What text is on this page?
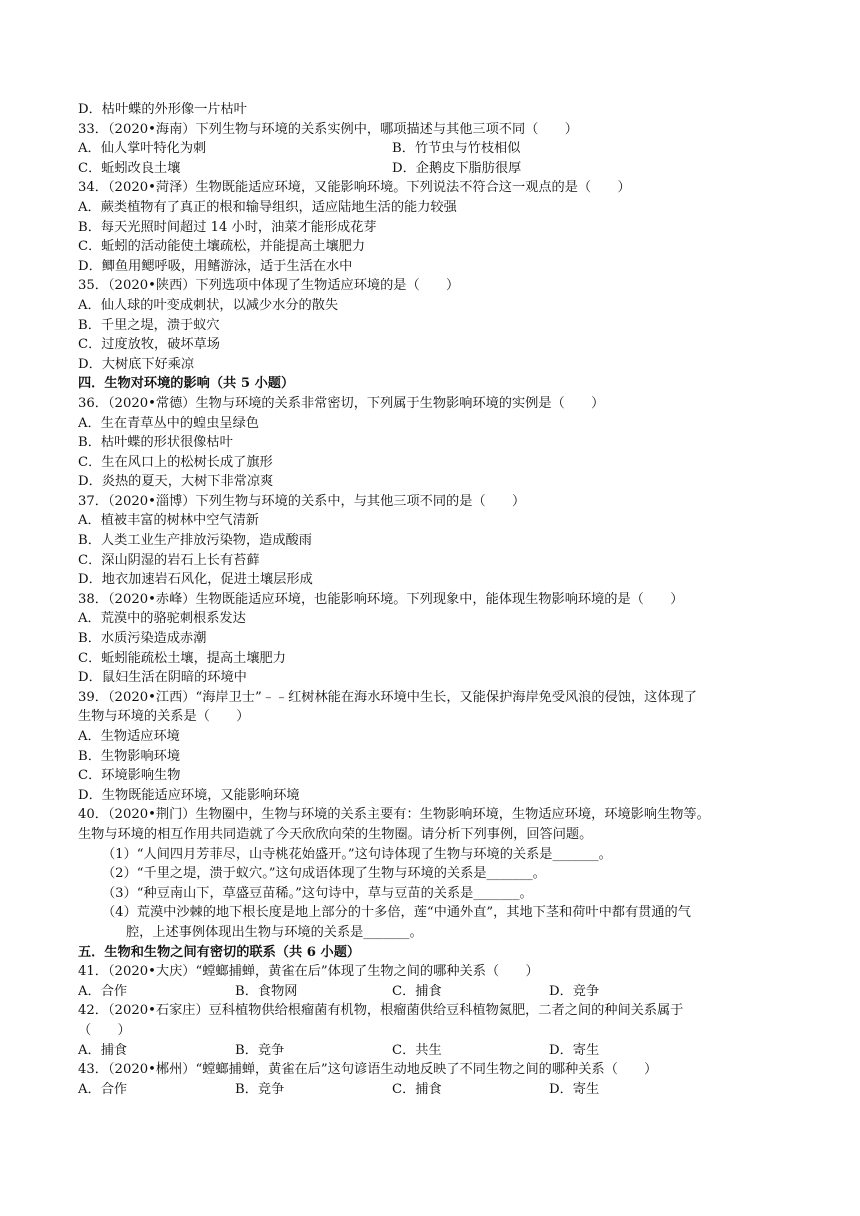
D．枯叶蝶的外形像一片枯叶
33．（2020•海南）下列生物与环境的关系实例中，哪项描述与其他三项不同（　　）
A．仙人掌叶特化为刺	B．竹节虫与竹枝相似
C．蚯蚓改良土壤	D．企鹅皮下脂肪很厚
34．（2020•菏泽）生物既能适应环境，又能影响环境。下列说法不符合这一观点的是（　　）
A．蕨类植物有了真正的根和输导组织，适应陆地生活的能力较强
B．每天光照时间超过 14 小时，油菜才能形成花芽
C．蚯蚓的活动能使土壤疏松，并能提高土壤肥力
D．鲫鱼用鳃呼吸，用鳍游泳，适于生活在水中
35．（2020•陕西）下列选项中体现了生物适应环境的是（　　）
A．仙人球的叶变成刺状，以减少水分的散失
B．千里之堤，溃于蚁穴
C．过度放牧，破坏草场
D．大树底下好乘凉
四．生物对环境的影响（共 5 小题）
36．（2020•常德）生物与环境的关系非常密切，下列属于生物影响环境的实例是（　　）
A．生在青草丛中的蝗虫呈绿色
B．枯叶蝶的形状很像枯叶
C．生在风口上的松树长成了旗形
D．炎热的夏天，大树下非常凉爽
37．（2020•淄博）下列生物与环境的关系中，与其他三项不同的是（　　）
A．植被丰富的树林中空气清新
B．人类工业生产排放污染物，造成酸雨
C．深山阴湿的岩石上长有苔藓
D．地衣加速岩石风化，促进土壤层形成
38．（2020•赤峰）生物既能适应环境，也能影响环境。下列现象中，能体现生物影响环境的是（　　）
A．荒漠中的骆驼刺根系发达
B．水质污染造成赤潮
C．蚯蚓能疏松土壤，提高土壤肥力
D．鼠妇生活在阴暗的环境中
39．（2020•江西）“海岸卫士”﹣﹣红树林能在海水环境中生长，又能保护海岸免受风浪的侵蚀，这体现了
生物与环境的关系是（　　）
A．生物适应环境
B．生物影响环境
C．环境影响生物
D．生物既能适应环境，又能影响环境
40．（2020•荆门）生物圈中，生物与环境的关系主要有：生物影响环境，生物适应环境，环境影响生物等。
生物与环境的相互作用共同造就了今天欣欣向荣的生物圈。请分析下列事例，回答问题。
（1）“人间四月芳菲尽，山寺桃花始盛开。”这句诗体现了生物与环境的关系是_______。
（2）“千里之堤，溃于蚁穴。”这句成语体现了生物与环境的关系是_______。
（3）“种豆南山下，草盛豆苗稀。”这句诗中，草与豆苗的关系是_______。
（4）荒漠中沙棘的地下根长度是地上部分的十多倍，莲“中通外直”，其地下茎和荷叶中都有贯通的气
腔，上述事例体现出生物与环境的关系是_______。
五．生物和生物之间有密切的联系（共 6 小题）
41．（2020•大庆）“螳螂捕蝉，黄雀在后”体现了生物之间的哪种关系（　　）
A．合作	B．食物网	C．捕食	D．竞争
42．（2020•石家庄）豆科植物供给根瘤菌有机物，根瘤菌供给豆科植物氮肥，二者之间的种间关系属于
（　　）
A．捕食	B．竞争	C．共生	D．寄生
43．（2020•郴州）“螳螂捕蝉，黄雀在后”这句谚语生动地反映了不同生物之间的哪种关系（　　）
A．合作	B．竞争	C．捕食	D．寄生
